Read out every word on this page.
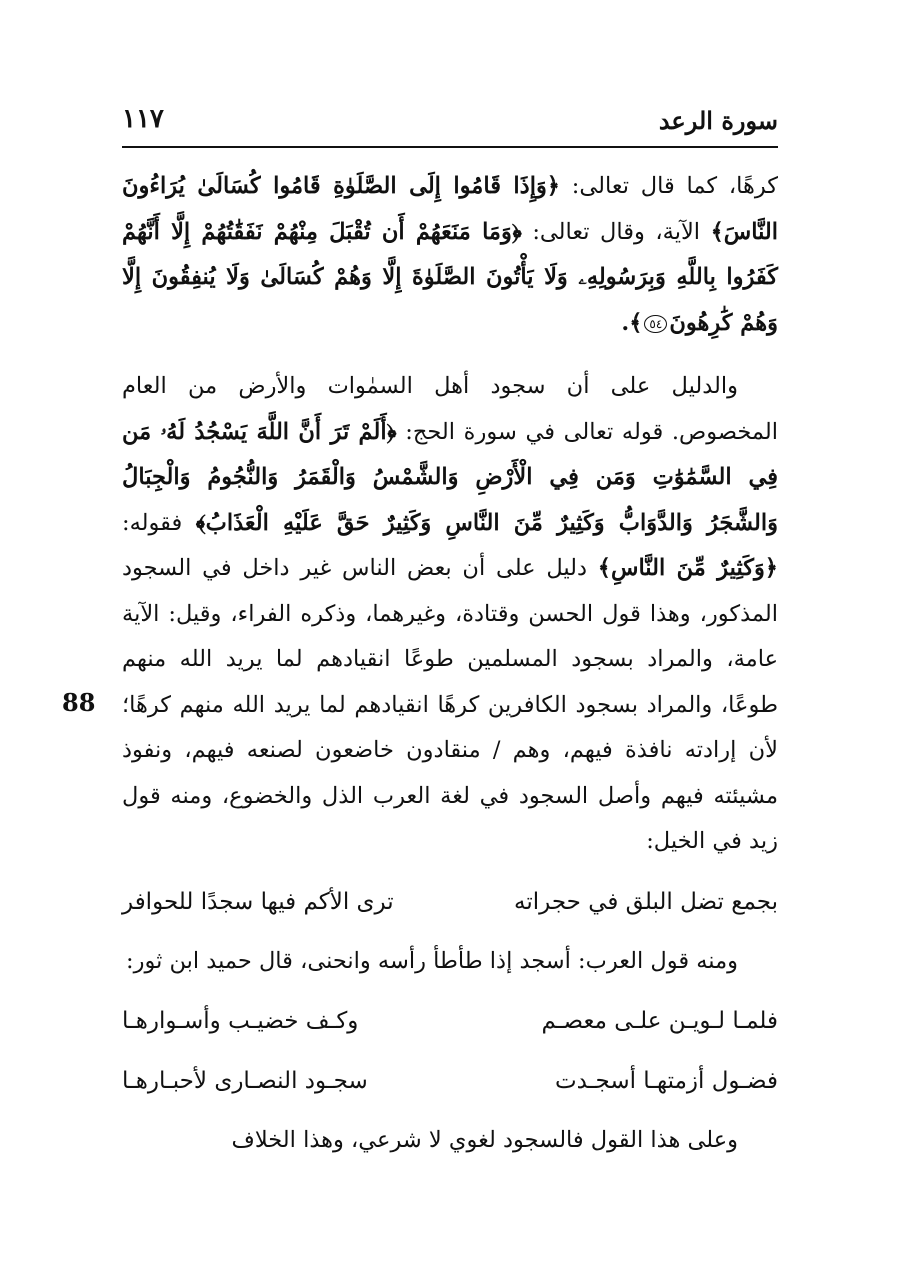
١١٧	سورة الرعد
88

كرهًا، كما قال تعالى: ﴿وَإِذَا قَامُوا إِلَى الصَّلَوٰةِ قَامُوا كُسَالَىٰ يُرَاءُونَ النَّاسَ﴾ الآية، وقال تعالى: ﴿وَمَا مَنَعَهُمْ أَن تُقْبَلَ مِنْهُمْ نَفَقَٰتُهُمْ إِلَّا أَنَّهُمْ كَفَرُوا بِاللَّهِ وَبِرَسُولِهِۦ وَلَا يَأْتُونَ الصَّلَوٰةَ إِلَّا وَهُمْ كُسَالَىٰ وَلَا يُنفِقُونَ إِلَّا وَهُمْ كَٰرِهُونَ٥٤﴾.

والدليل على أن سجود أهل السمٰوات والأرض من العام المخصوص. قوله تعالى في سورة الحج: ﴿أَلَمْ تَرَ أَنَّ اللَّهَ يَسْجُدُ لَهُۥ مَن فِي السَّمَٰوَٰتِ وَمَن فِي الْأَرْضِ وَالشَّمْسُ وَالْقَمَرُ وَالنُّجُومُ وَالْجِبَالُ وَالشَّجَرُ وَالدَّوَابُّ وَكَثِيرٌ مِّنَ النَّاسِ وَكَثِيرٌ حَقَّ عَلَيْهِ الْعَذَابُ﴾ فقوله: ﴿وَكَثِيرٌ مِّنَ النَّاسِ﴾ دليل على أن بعض الناس غير داخل في السجود المذكور، وهذا قول الحسن وقتادة، وغيرهما، وذكره الفراء، وقيل: الآية عامة، والمراد بسجود المسلمين طوعًا انقيادهم لما يريد الله منهم طوعًا، والمراد بسجود الكافرين كرهًا انقيادهم لما يريد الله منهم كرهًا؛ لأن إرادته نافذة فيهم، وهم / منقادون خاضعون لصنعه فيهم، ونفوذ مشيئته فيهم وأصل السجود في لغة العرب الذل والخضوع، ومنه قول زيد في الخيل:

بجمع تضل البلق في حجراته
ترى الأكم فيها سجدًا للحوافر

ومنه قول العرب: أسجد إذا طأطأ رأسه وانحنى، قال حميد ابن ثور:

فلمـا لـويـن علـى معصـم
وكـف خضيـب وأسـوارهـا
فضـول أزمتهـا أسجـدت
سجـود النصـارى لأحبـارهـا

وعلى هذا القول فالسجود لغوي لا شرعي، وهذا الخلاف
